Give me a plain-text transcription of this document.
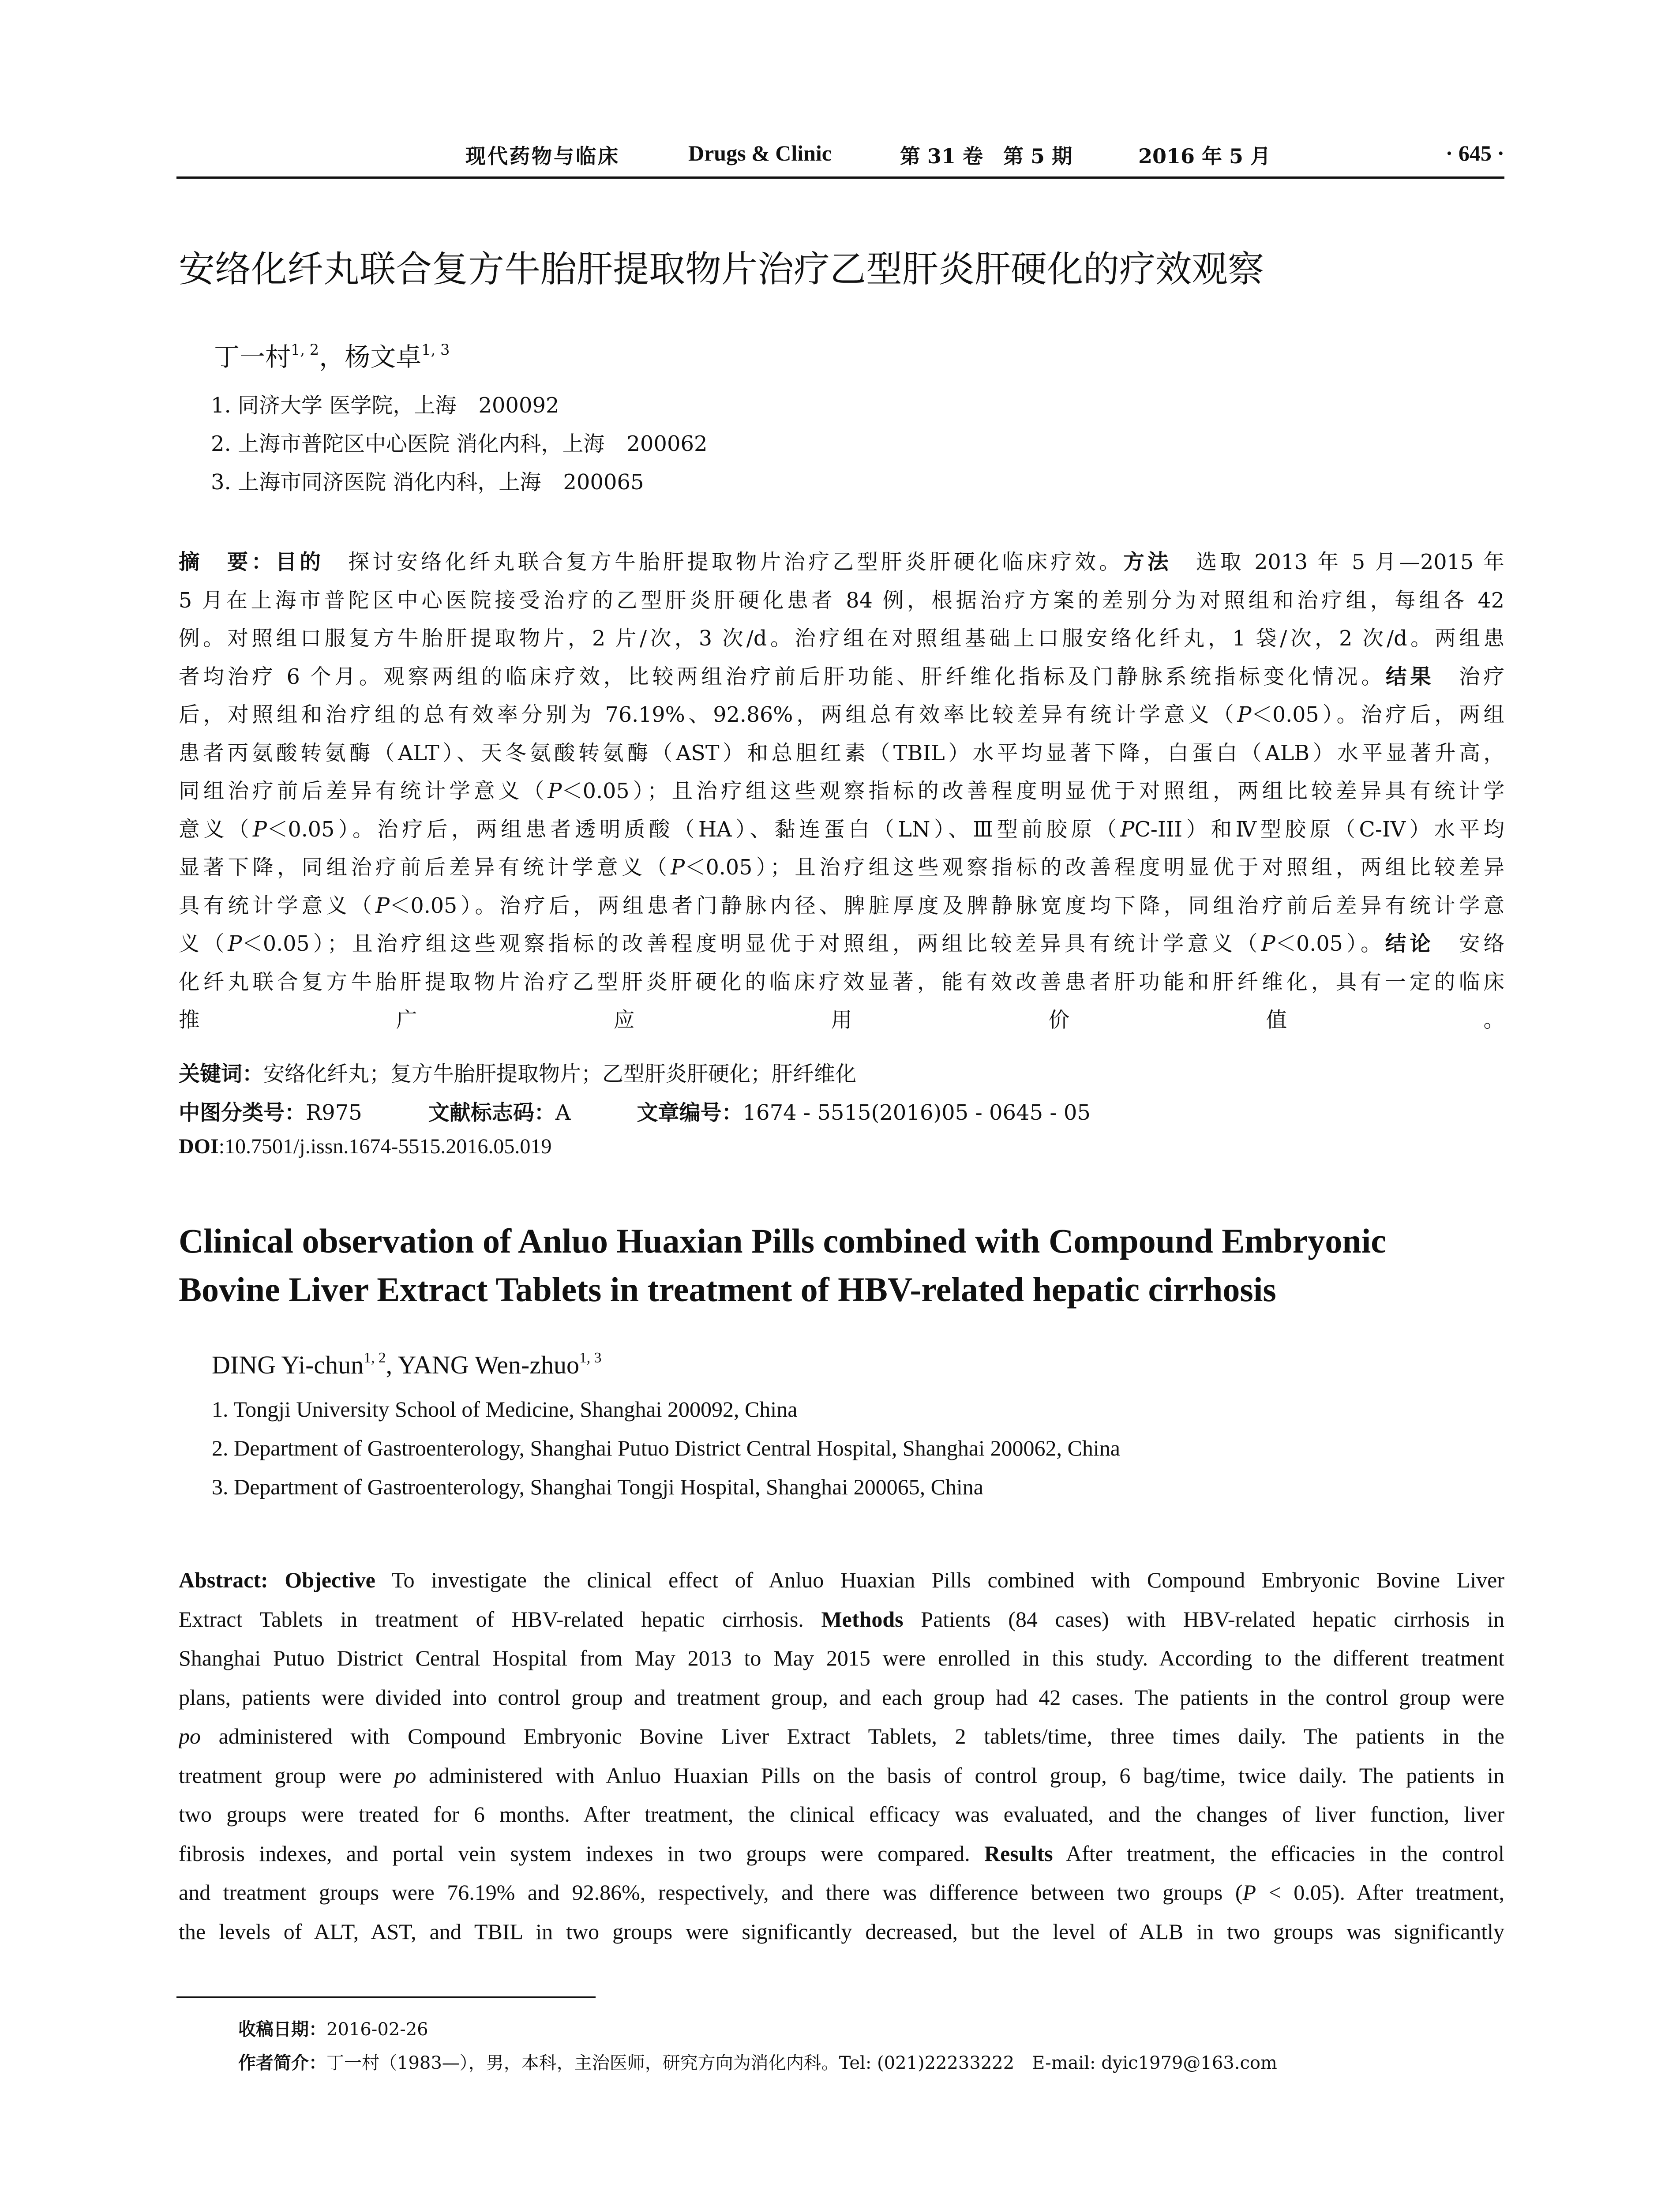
现代药物与临床	Drugs & Clinic	第 31 卷　第 5 期	2016 年 5 月	· 645 ·
安络化纤丸联合复方牛胎肝提取物片治疗乙型肝炎肝硬化的疗效观察
丁一村$^{1, 2}$，杨文卓$^{1, 3}$
1. 同济大学 医学院，上海 200092
2. 上海市普陀区中心医院 消化内科，上海 200062
3. 上海市同济医院 消化内科，上海 200065
摘　要：目的　探讨安络化纤丸联合复方牛胎肝提取物片治疗乙型肝炎肝硬化临床疗效。方法　选取 2013 年 5 月—2015 年
5 月在上海市普陀区中心医院接受治疗的乙型肝炎肝硬化患者 84 例，根据治疗方案的差别分为对照组和治疗组，每组各 42
例。对照组口服复方牛胎肝提取物片，2 片/次，3 次/d。治疗组在对照组基础上口服安络化纤丸，1 袋/次，2 次/d。两组患
者均治疗 6 个月。观察两组的临床疗效，比较两组治疗前后肝功能、肝纤维化指标及门静脉系统指标变化情况。结果　治疗
后，对照组和治疗组的总有效率分别为 76.19%、92.86%，两组总有效率比较差异有统计学意义（P＜0.05）。治疗后，两组
患者丙氨酸转氨酶（ALT）、天冬氨酸转氨酶（AST）和总胆红素（TBIL）水平均显著下降，白蛋白（ALB）水平显著升高，
同组治疗前后差异有统计学意义（P＜0.05）；且治疗组这些观察指标的改善程度明显优于对照组，两组比较差异具有统计学
意义（P＜0.05）。治疗后，两组患者透明质酸（HA）、黏连蛋白（LN）、Ⅲ型前胶原（PC-III）和Ⅳ型胶原（C-IV）水平均
显著下降，同组治疗前后差异有统计学意义（P＜0.05）；且治疗组这些观察指标的改善程度明显优于对照组，两组比较差异
具有统计学意义（P＜0.05）。治疗后，两组患者门静脉内径、脾脏厚度及脾静脉宽度均下降，同组治疗前后差异有统计学意
义（P＜0.05）；且治疗组这些观察指标的改善程度明显优于对照组，两组比较差异具有统计学意义（P＜0.05）。结论　安络
化纤丸联合复方牛胎肝提取物片治疗乙型肝炎肝硬化的临床疗效显著，能有效改善患者肝功能和肝纤维化，具有一定的临床
推广应用价值。
关键词：安络化纤丸；复方牛胎肝提取物片；乙型肝炎肝硬化；肝纤维化
中图分类号：R975	文献标志码：A	文章编号：1674 - 5515(2016)05 - 0645 - 05
DOI:10.7501/j.issn.1674-5515.2016.05.019
Clinical observation of Anluo Huaxian Pills combined with Compound Embryonic
Bovine Liver Extract Tablets in treatment of HBV-related hepatic cirrhosis
DING Yi-chun$^{1, 2}$, YANG Wen-zhuo$^{1, 3}$
1. Tongji University School of Medicine, Shanghai 200092, China
2. Department of Gastroenterology, Shanghai Putuo District Central Hospital, Shanghai 200062, China
3. Department of Gastroenterology, Shanghai Tongji Hospital, Shanghai 200065, China
Abstract: Objective To investigate the clinical effect of Anluo Huaxian Pills combined with Compound Embryonic Bovine Liver
Extract Tablets in treatment of HBV-related hepatic cirrhosis. Methods Patients (84 cases) with HBV-related hepatic cirrhosis in
Shanghai Putuo District Central Hospital from May 2013 to May 2015 were enrolled in this study. According to the different treatment
plans, patients were divided into control group and treatment group, and each group had 42 cases. The patients in the control group were
po administered with Compound Embryonic Bovine Liver Extract Tablets, 2 tablets/time, three times daily. The patients in the
treatment group were po administered with Anluo Huaxian Pills on the basis of control group, 6 bag/time, twice daily. The patients in
two groups were treated for 6 months. After treatment, the clinical efficacy was evaluated, and the changes of liver function, liver
fibrosis indexes, and portal vein system indexes in two groups were compared. Results After treatment, the efficacies in the control
and treatment groups were 76.19% and 92.86%, respectively, and there was difference between two groups (P < 0.05). After treatment,
the levels of ALT, AST, and TBIL in two groups were significantly decreased, but the level of ALB in two groups was significantly
收稿日期：2016-02-26
作者简介：丁一村（1983—），男，本科，主治医师，研究方向为消化内科。Tel: (021)22233222　E-mail: dyic1979@163.com
